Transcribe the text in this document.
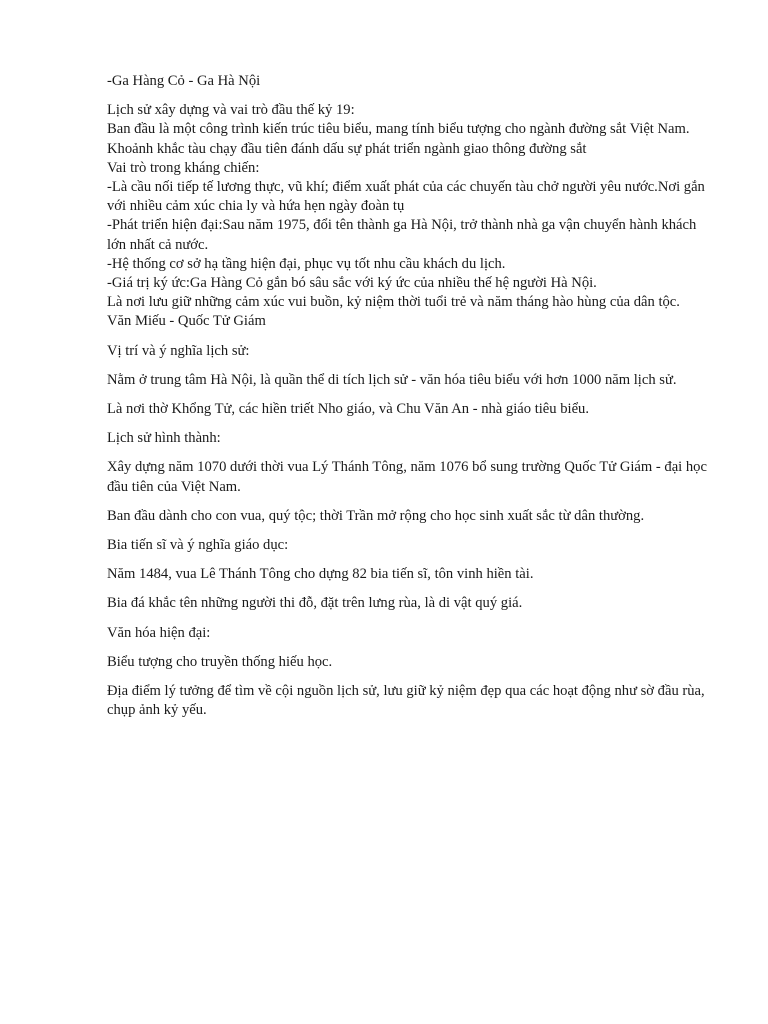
-Ga Hàng Cỏ - Ga Hà Nội

Lịch sử xây dựng và vai trò đầu thế kỷ 19:

Ban đầu là một công trình kiến trúc tiêu biểu, mang tính biểu tượng cho ngành đường sắt Việt Nam.

Khoảnh khắc tàu chạy đầu tiên đánh dấu sự phát triển ngành giao thông đường sắt

Vai trò trong kháng chiến:

-Là cầu nối tiếp tế lương thực, vũ khí; điểm xuất phát của các chuyến tàu chở người yêu nước.Nơi gắn với nhiều cảm xúc chia ly và hứa hẹn ngày đoàn tụ

-Phát triển hiện đại:Sau năm 1975, đổi tên thành ga Hà Nội, trở thành nhà ga vận chuyển hành khách lớn nhất cả nước.

-Hệ thống cơ sở hạ tầng hiện đại, phục vụ tốt nhu cầu khách du lịch.

-Giá trị ký ức:Ga Hàng Cỏ gắn bó sâu sắc với ký ức của nhiều thế hệ người Hà Nội.

Là nơi lưu giữ những cảm xúc vui buồn, kỷ niệm thời tuổi trẻ và năm tháng hào hùng của dân tộc.

Văn Miếu - Quốc Tử Giám

Vị trí và ý nghĩa lịch sử:

Nằm ở trung tâm Hà Nội, là quần thể di tích lịch sử - văn hóa tiêu biểu với hơn 1000 năm lịch sử.

Là nơi thờ Khổng Tử, các hiền triết Nho giáo, và Chu Văn An - nhà giáo tiêu biểu.

Lịch sử hình thành:

Xây dựng năm 1070 dưới thời vua Lý Thánh Tông, năm 1076 bổ sung trường Quốc Tử Giám - đại học đầu tiên của Việt Nam.

Ban đầu dành cho con vua, quý tộc; thời Trần mở rộng cho học sinh xuất sắc từ dân thường.

Bia tiến sĩ và ý nghĩa giáo dục:

Năm 1484, vua Lê Thánh Tông cho dựng 82 bia tiến sĩ, tôn vinh hiền tài.

Bia đá khắc tên những người thi đỗ, đặt trên lưng rùa, là di vật quý giá.

Văn hóa hiện đại:

Biểu tượng cho truyền thống hiếu học.

Địa điểm lý tưởng để tìm về cội nguồn lịch sử, lưu giữ kỷ niệm đẹp qua các hoạt động như sờ đầu rùa, chụp ảnh kỷ yếu.
